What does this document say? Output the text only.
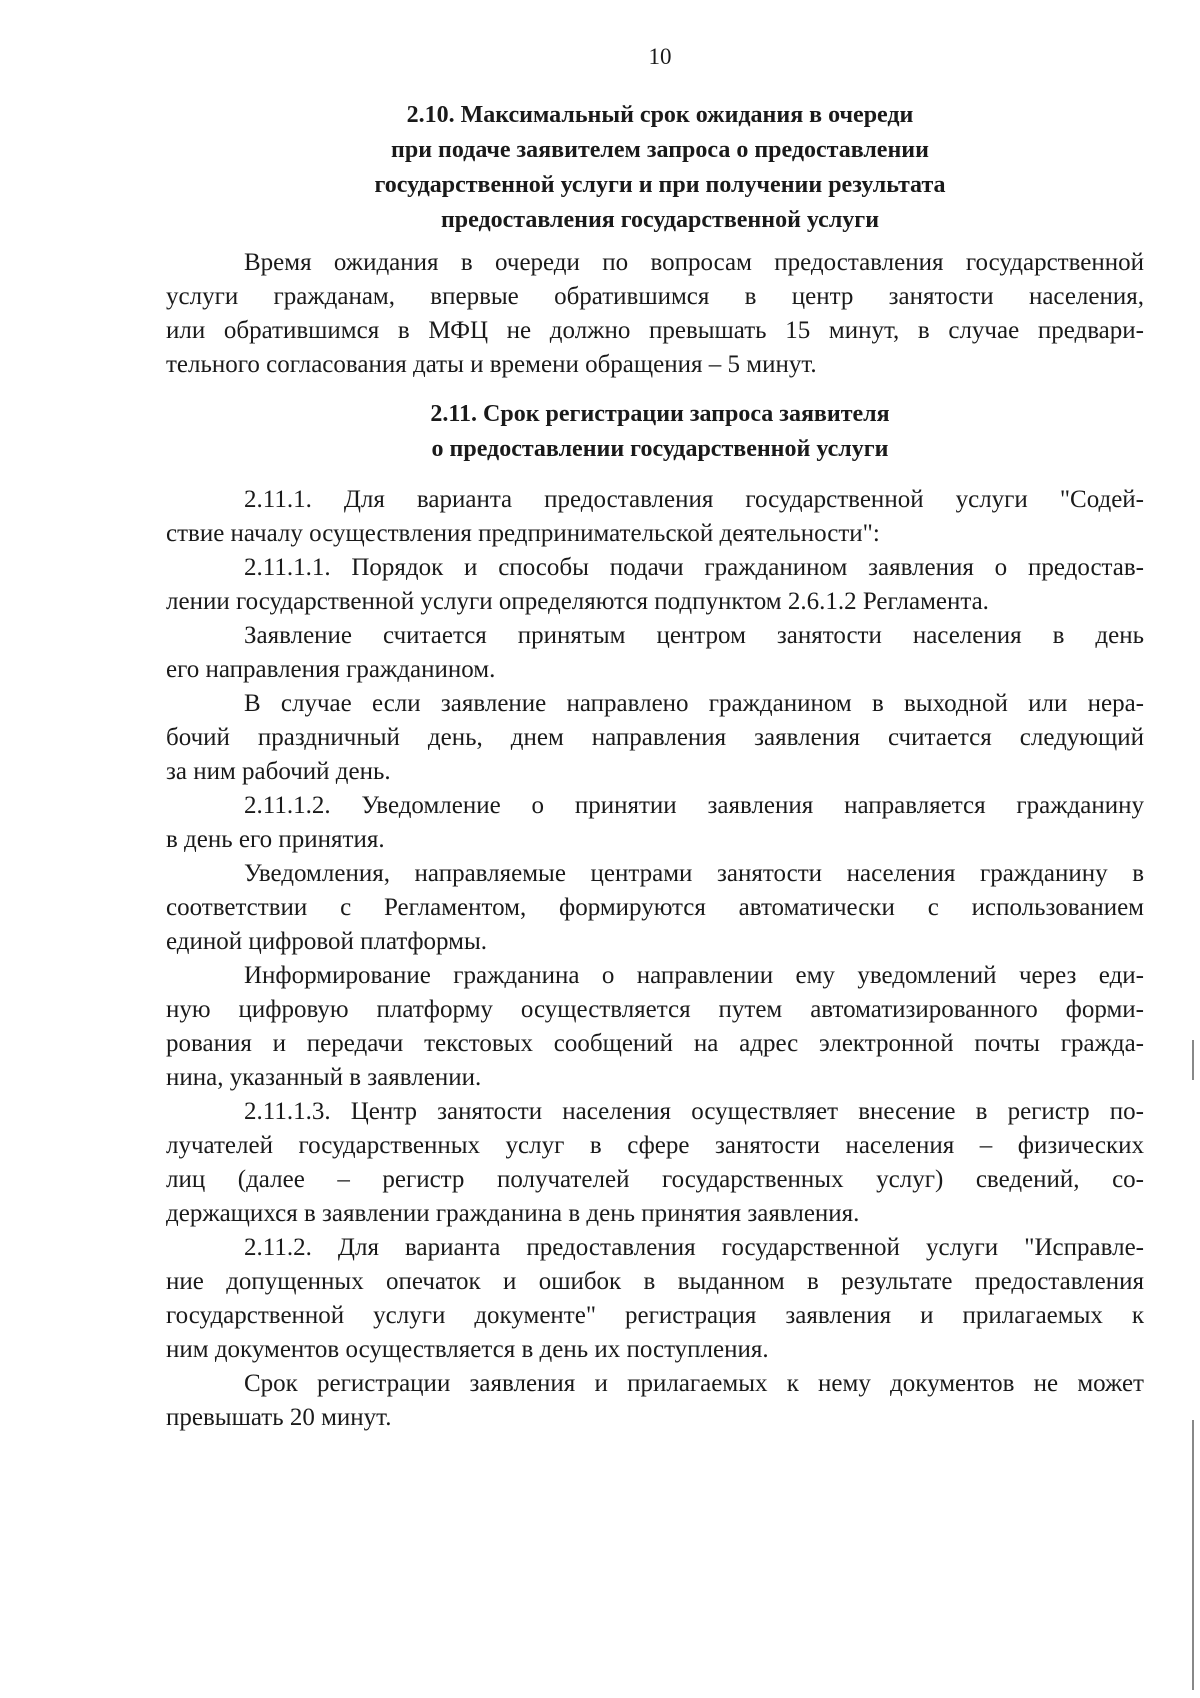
10
2.10. Максимальный срок ожидания в очереди
при подаче заявителем запроса о предоставлении
государственной услуги и при получении результата
предоставления государственной услуги
Время ожидания в очереди по вопросам предоставления государственной
услуги гражданам, впервые обратившимся в центр занятости населения,
или обратившимся в МФЦ не должно превышать 15 минут, в случае предвари-
тельного согласования даты и времени обращения – 5 минут.
2.11. Срок регистрации запроса заявителя
о предоставлении государственной услуги
2.11.1. Для варианта предоставления государственной услуги "Содей-
ствие началу осуществления предпринимательской деятельности":
2.11.1.1. Порядок и способы подачи гражданином заявления о предостав-
лении государственной услуги определяются подпунктом 2.6.1.2 Регламента.
Заявление считается принятым центром занятости населения в день
его направления гражданином.
В случае если заявление направлено гражданином в выходной или нера-
бочий праздничный день, днем направления заявления считается следующий
за ним рабочий день.
2.11.1.2. Уведомление о принятии заявления направляется гражданину
в день его принятия.
Уведомления, направляемые центрами занятости населения гражданину в
соответствии с Регламентом, формируются автоматически с использованием
единой цифровой платформы.
Информирование гражданина о направлении ему уведомлений через еди-
ную цифровую платформу осуществляется путем автоматизированного форми-
рования и передачи текстовых сообщений на адрес электронной почты гражда-
нина, указанный в заявлении.
2.11.1.3. Центр занятости населения осуществляет внесение в регистр по-
лучателей государственных услуг в сфере занятости населения – физических
лиц (далее – регистр получателей государственных услуг) сведений, со-
держащихся в заявлении гражданина в день принятия заявления.
2.11.2. Для варианта предоставления государственной услуги "Исправле-
ние допущенных опечаток и ошибок в выданном в результате предоставления
государственной услуги документе" регистрация заявления и прилагаемых к
ним документов осуществляется в день их поступления.
Срок регистрации заявления и прилагаемых к нему документов не может
превышать 20 минут.
